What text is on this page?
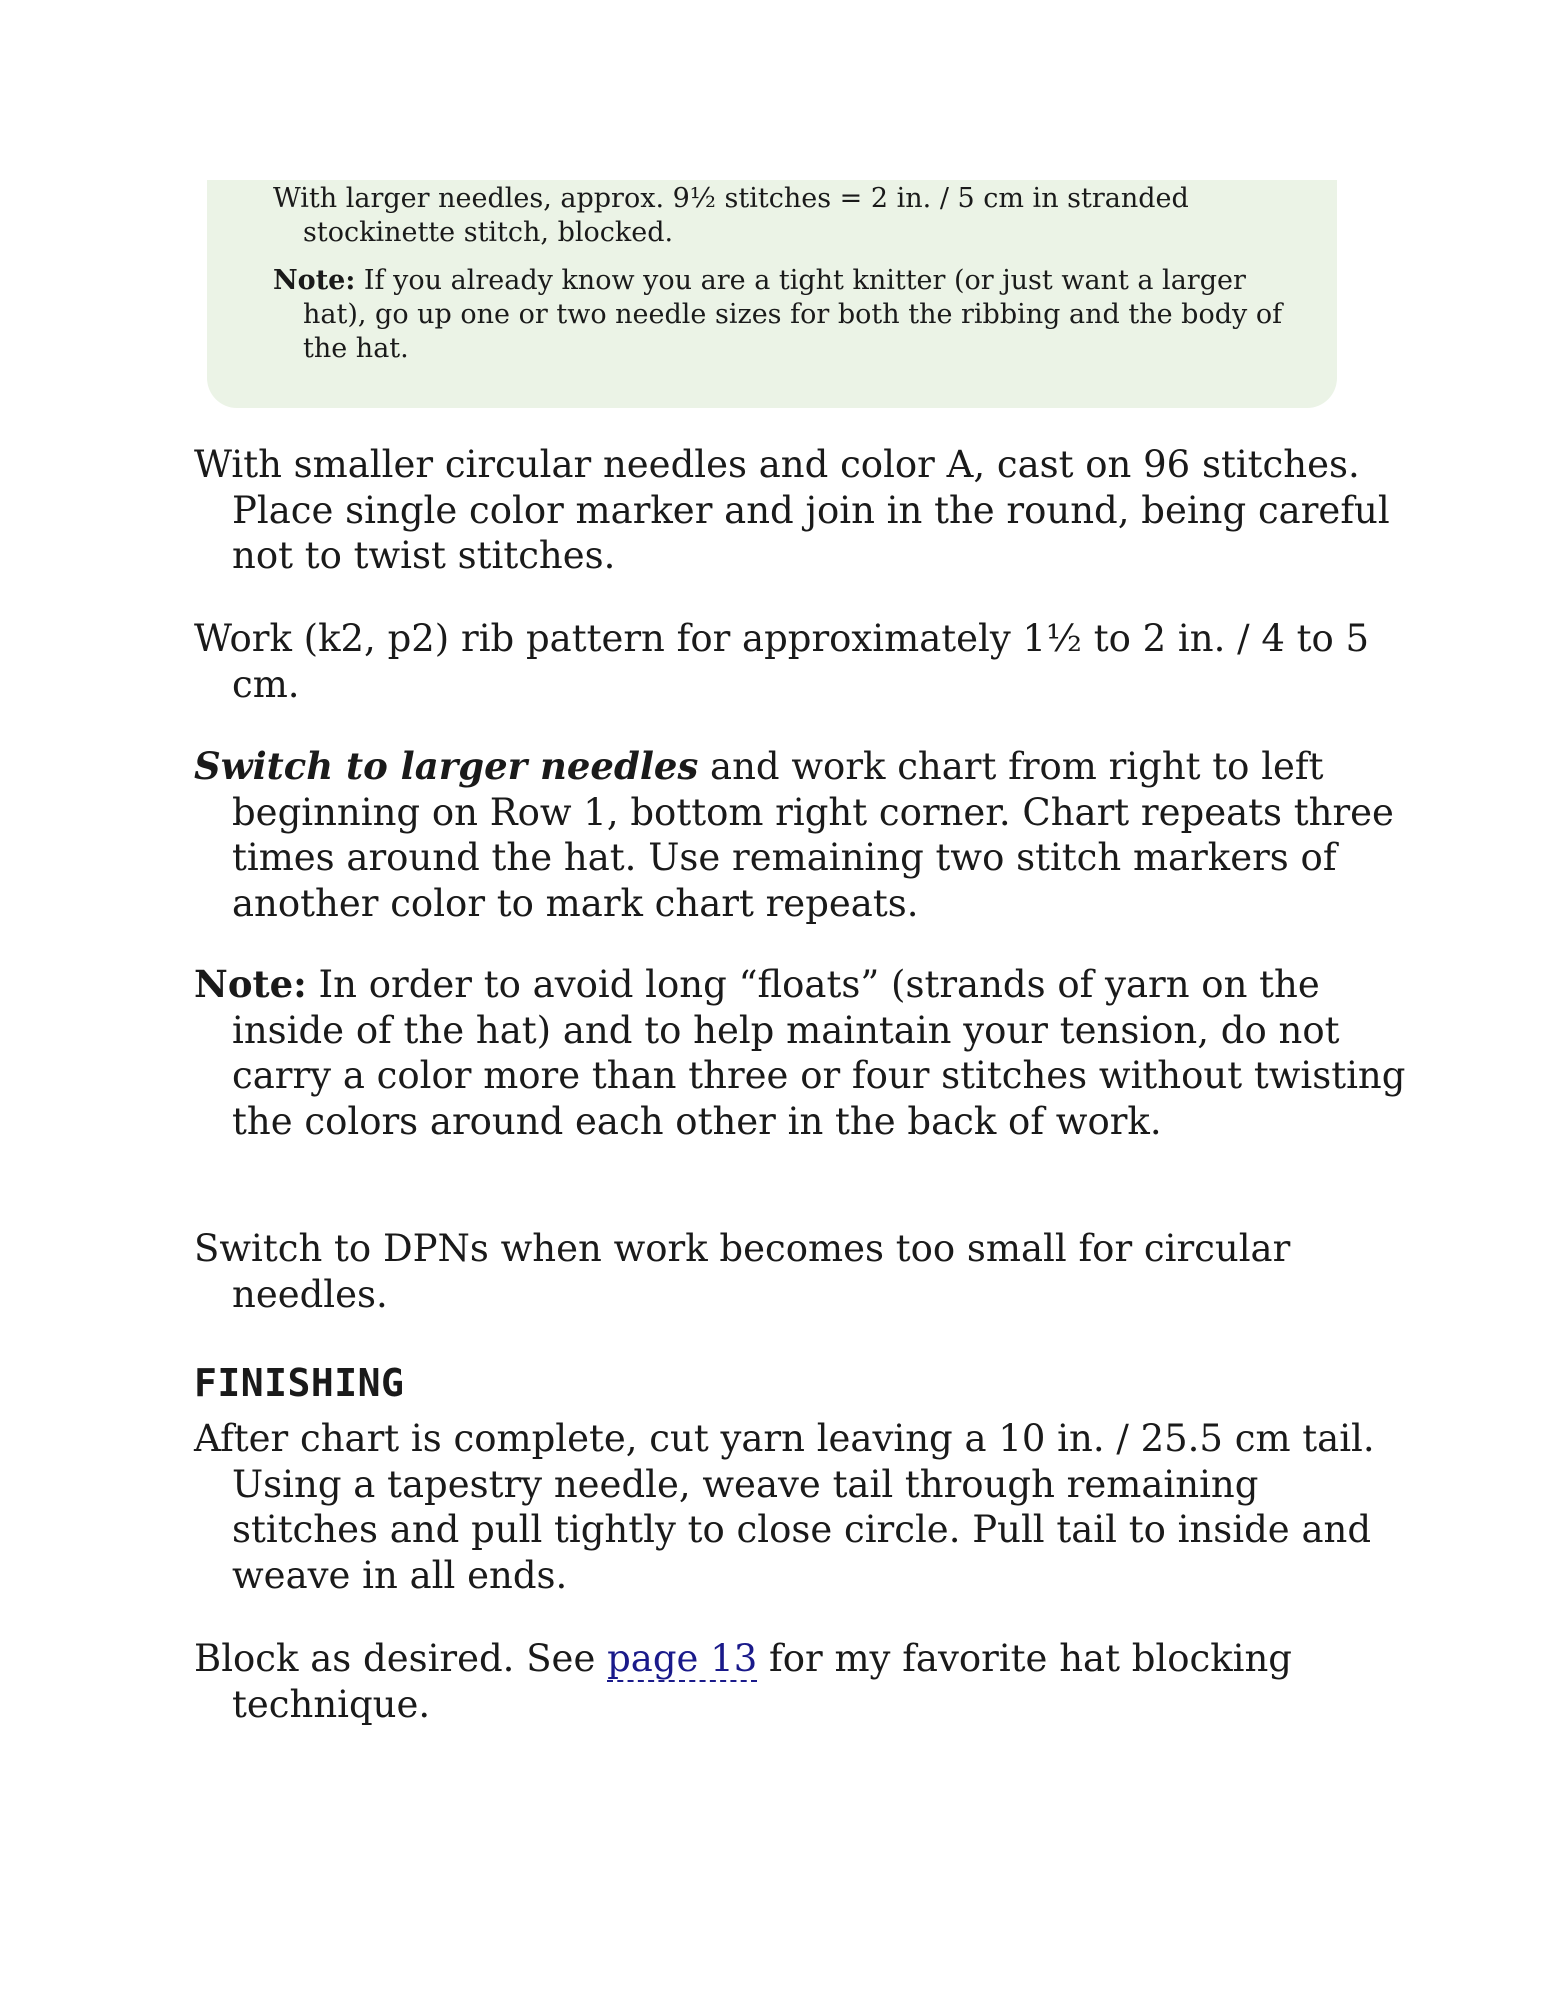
With larger needles, approx. 9½ stitches = 2 in. / 5 cm in stranded stockinette stitch, blocked.

Note: If you already know you are a tight knitter (or just want a larger hat), go up one or two needle sizes for both the ribbing and the body of the hat.

With smaller circular needles and color A, cast on 96 stitches. Place single color marker and join in the round, being careful not to twist stitches.

Work (k2, p2) rib pattern for approximately 1½ to 2 in. / 4 to 5 cm.

Switch to larger needles and work chart from right to left beginning on Row 1, bottom right corner. Chart repeats three times around the hat. Use remaining two stitch markers of another color to mark chart repeats.

Note: In order to avoid long “floats” (strands of yarn on the inside of the hat) and to help maintain your tension, do not carry a color more than three or four stitches without twisting the colors around each other in the back of work.

Switch to DPNs when work becomes too small for circular needles.

FINISHING

After chart is complete, cut yarn leaving a 10 in. / 25.5 cm tail. Using a tapestry needle, weave tail through remaining stitches and pull tightly to close circle. Pull tail to inside and weave in all ends.

Block as desired. See page 13 for my favorite hat blocking technique.
